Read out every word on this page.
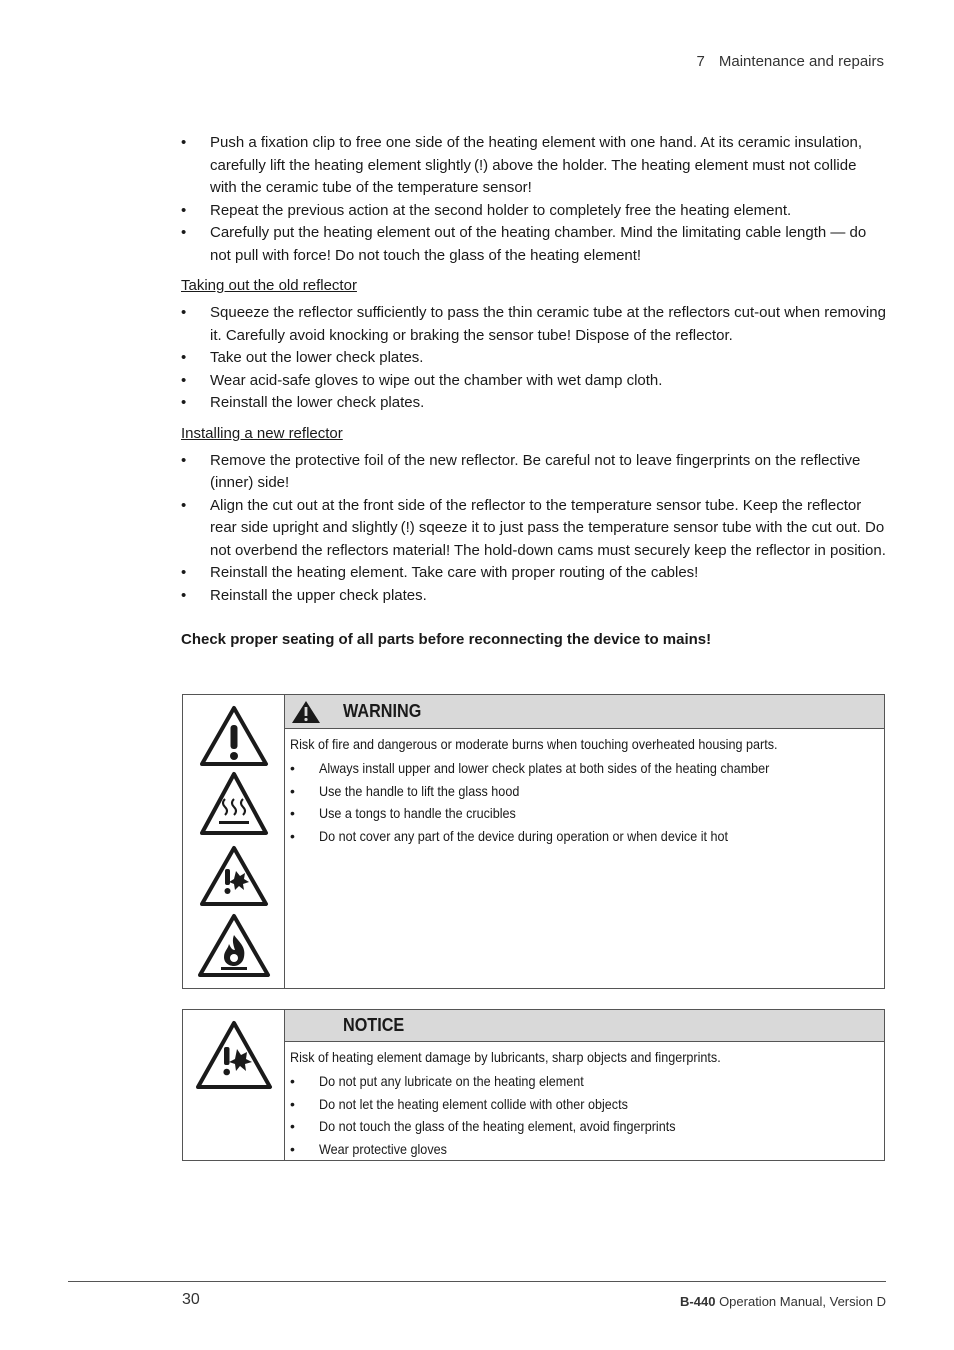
7 Maintenance and repairs
• Push a fixation clip to free one side of the heating element with one hand. At its ceramic insulation, carefully lift the heating element slightly (!) above the holder. The heating element must not collide with the ceramic tube of the temperature sensor!
• Repeat the previous action at the second holder to completely free the heating element.
• Carefully put the heating element out of the heating chamber. Mind the limitating cable length — do not pull with force! Do not touch the glass of the heating element!
Taking out the old reflector
• Squeeze the reflector sufficiently to pass the thin ceramic tube at the reflectors cut-out when removing it. Carefully avoid knocking or braking the sensor tube! Dispose of the reflector.
• Take out the lower check plates.
• Wear acid-safe gloves to wipe out the chamber with wet damp cloth.
• Reinstall the lower check plates.
Installing a new reflector
• Remove the protective foil of the new reflector. Be careful not to leave fingerprints on the reflective (inner) side!
• Align the cut out at the front side of the reflector to the temperature sensor tube. Keep the reflector rear side upright and slightly (!) sqeeze it to just pass the temperature sensor tube with the cut out. Do not overbend the reflectors material! The hold-down cams must securely keep the reflector in position.
• Reinstall the heating element. Take care with proper routing of the cables!
• Reinstall the upper check plates.
Check proper seating of all parts before reconnecting the device to mains!
WARNING
Risk of fire and dangerous or moderate burns when touching overheated housing parts.
• Always install upper and lower check plates at both sides of the heating chamber
• Use the handle to lift the glass hood
• Use a tongs to handle the crucibles
• Do not cover any part of the device during operation or when device it hot
NOTICE
Risk of heating element damage by lubricants, sharp objects and fingerprints.
• Do not put any lubricate on the heating element
• Do not let the heating element collide with other objects
• Do not touch the glass of the heating element, avoid fingerprints
• Wear protective gloves
30	B-440 Operation Manual, Version D
